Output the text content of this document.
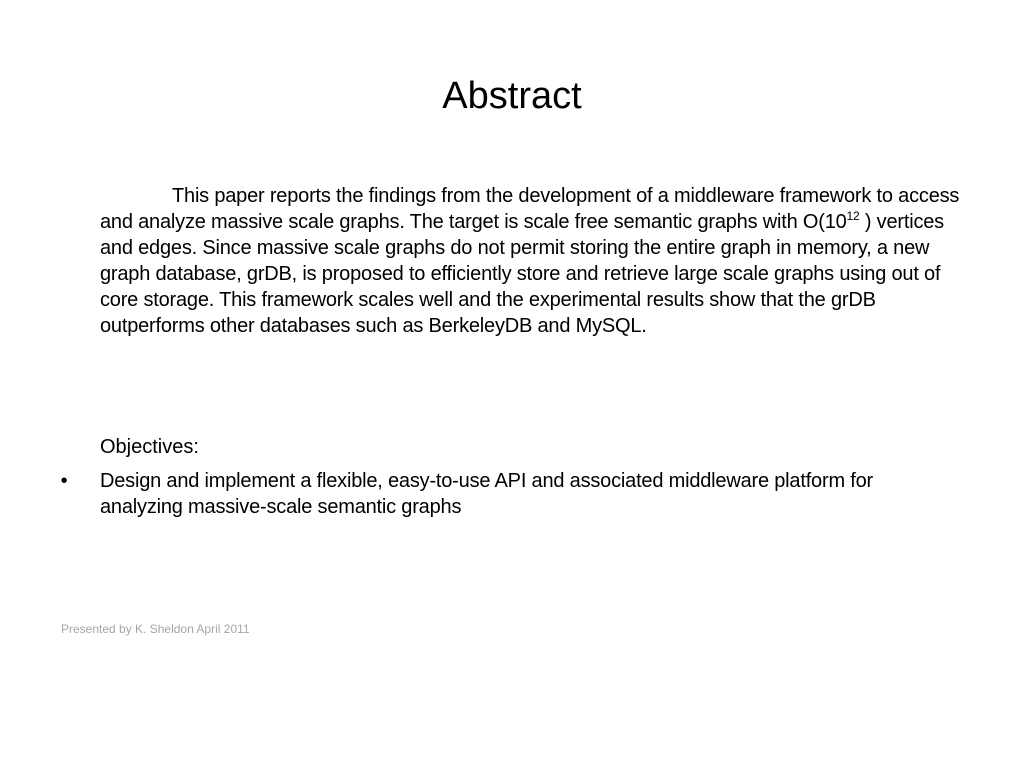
Abstract

This paper reports the findings from the development of a middleware framework to access and analyze massive scale graphs. The target is scale free semantic graphs with $O(10^{12}$ ) vertices and edges. Since massive scale graphs do not permit storing the entire graph in memory, a new graph database, grDB, is proposed to efficiently store and retrieve large scale graphs using out of core storage. This framework scales well and the experimental results show that the grDB outperforms other databases such as BerkeleyDB and MySQL.

Objectives:

• Design and implement a flexible, easy-to-use API and associated middleware platform for analyzing massive-scale semantic graphs
Presented by K. Sheldon April 2011
